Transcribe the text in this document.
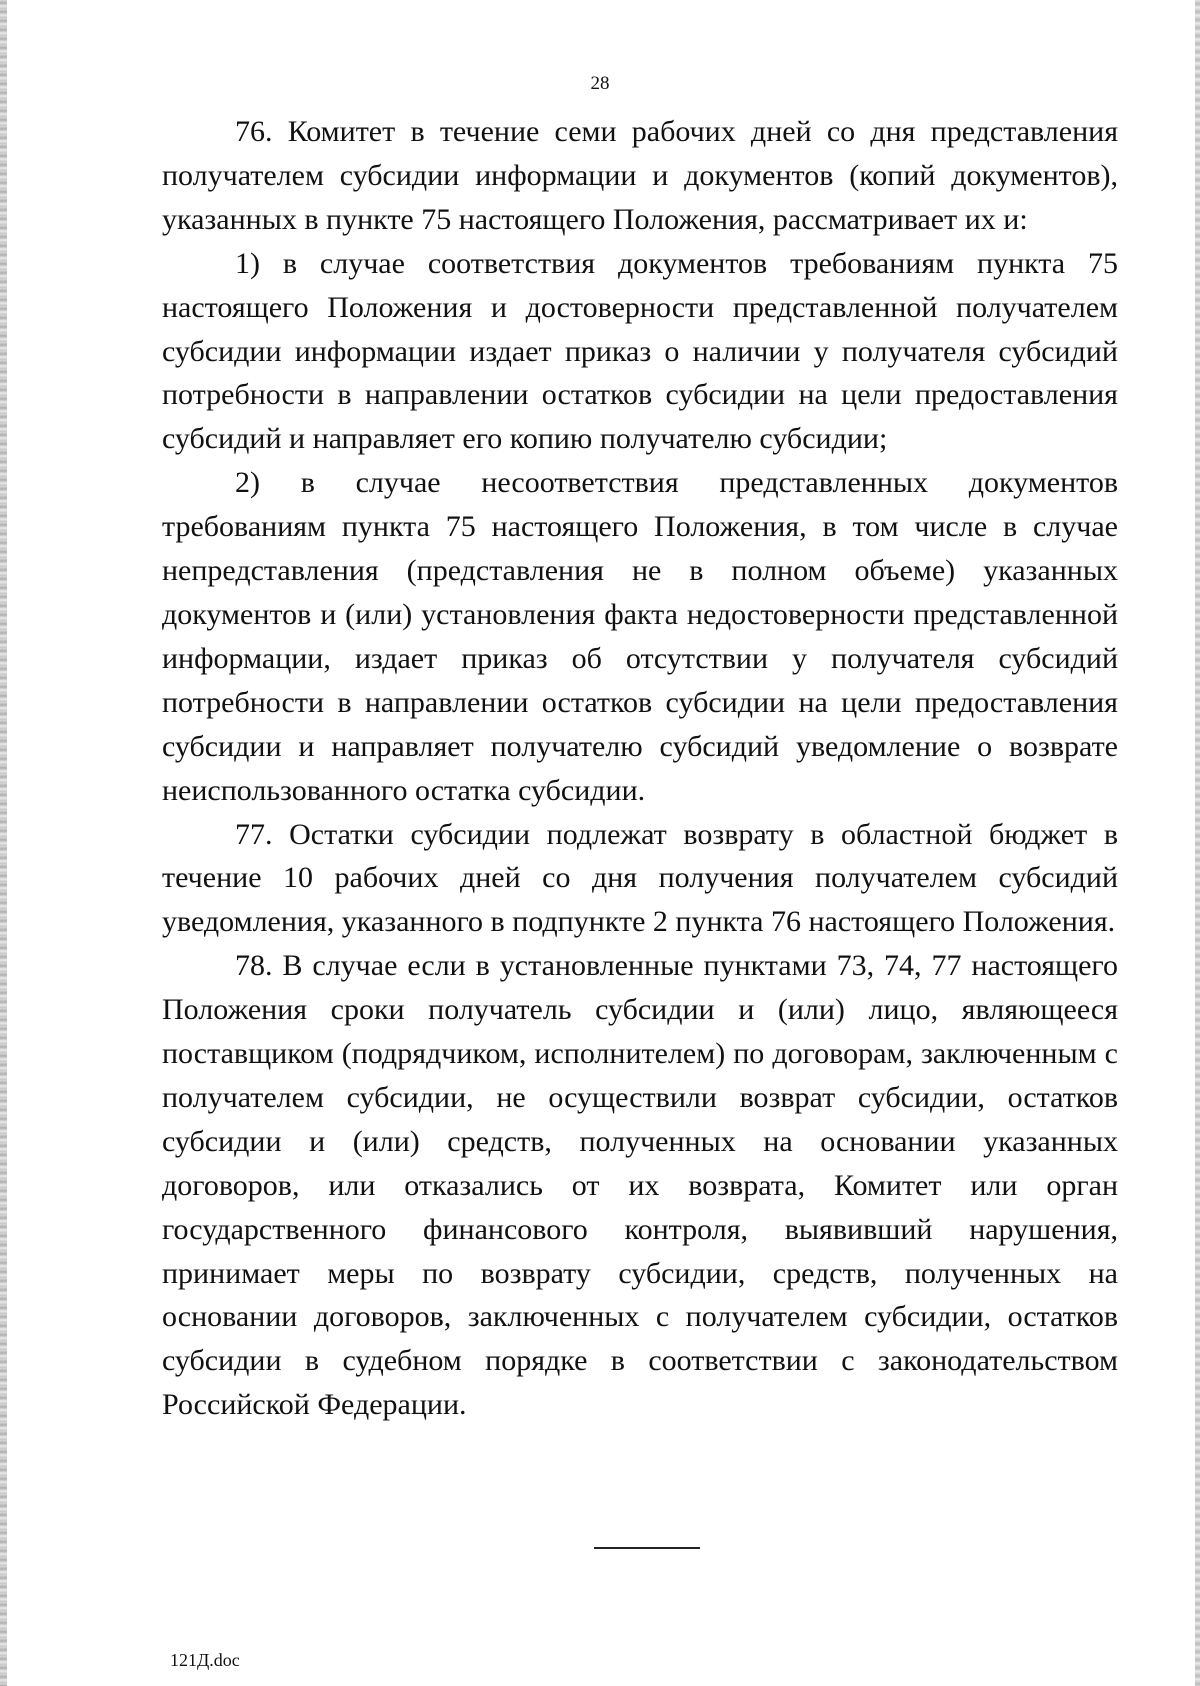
28

76. Комитет в течение семи рабочих дней со дня представления получателем субсидии информации и документов (копий документов), указанных в пункте 75 настоящего Положения, рассматривает их и:

1) в случае соответствия документов требованиям пункта 75 настоящего Положения и достоверности представленной получателем субсидии информации издает приказ о наличии у получателя субсидий потребности в направлении остатков субсидии на цели предоставления субсидий и направляет его копию получателю субсидии;

2) в случае несоответствия представленных документов требованиям пункта 75 настоящего Положения, в том числе в случае непредставления (представления не в полном объеме) указанных документов и (или) установления факта недостоверности представленной информации, издает приказ об отсутствии у получателя субсидий потребности в направлении остатков субсидии на цели предоставления субсидии и направляет получателю субсидий уведомление о возврате неиспользованного остатка субсидии.

77. Остатки субсидии подлежат возврату в областной бюджет в течение 10 рабочих дней со дня получения получателем субсидий уведомления, указанного в подпункте 2 пункта 76 настоящего Положения.

78. В случае если в установленные пунктами 73, 74, 77 настоящего Положения сроки получатель субсидии и (или) лицо, являющееся поставщиком (подрядчиком, исполнителем) по договорам, заключенным с получателем субсидии, не осуществили возврат субсидии, остатков субсидии и (или) средств, полученных на основании указанных договоров, или отказались от их возврата, Комитет или орган государственного финансового контроля, выявивший нарушения, принимает меры по возврату субсидии, средств, полученных на основании договоров, заключенных с получателем субсидии, остатков субсидии в судебном порядке в соответствии с законодательством Российской Федерации.

121Д.doc
